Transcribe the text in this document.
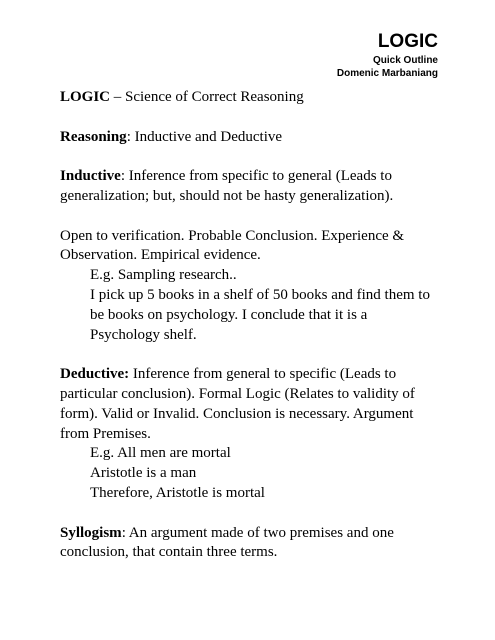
LOGIC
Quick Outline
Domenic Marbaniang

LOGIC – Science of Correct Reasoning

Reasoning: Inductive and Deductive

Inductive: Inference from specific to general (Leads to generalization; but, should not be hasty generalization).

Open to verification. Probable Conclusion. Experience & Observation. Empirical evidence.

E.g. Sampling research..
I pick up 5 books in a shelf of 50 books and find them to be books on psychology. I conclude that it is a Psychology shelf.

Deductive: Inference from general to specific (Leads to particular conclusion). Formal Logic (Relates to validity of form). Valid or Invalid. Conclusion is necessary. Argument from Premises.

E.g. All men are mortal
Aristotle is a man
Therefore, Aristotle is mortal

Syllogism: An argument made of two premises and one conclusion, that contain three terms.
